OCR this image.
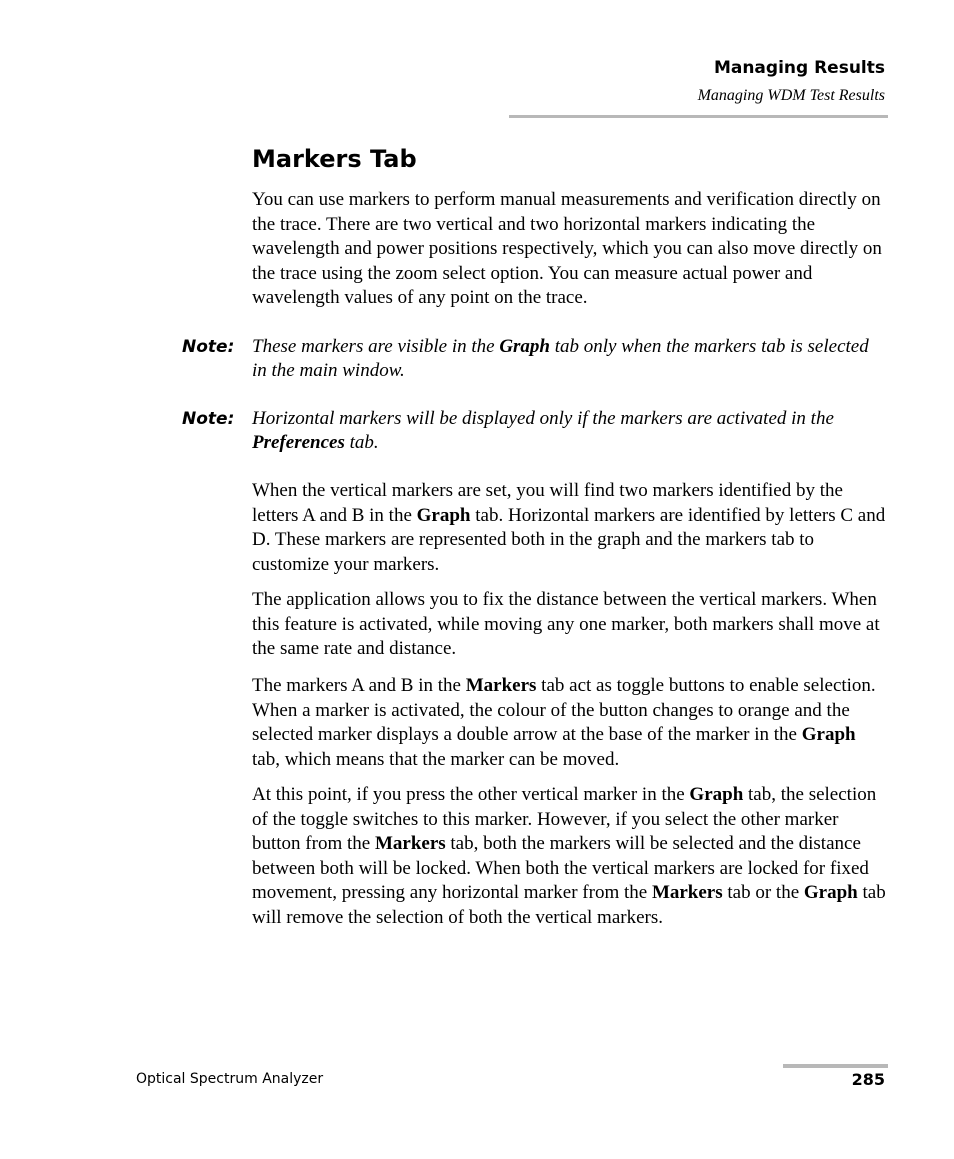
Managing Results
Managing WDM Test Results
Markers Tab

You can use markers to perform manual measurements and verification directly on the trace. There are two vertical and two horizontal markers indicating the wavelength and power positions respectively, which you can also move directly on the trace using the zoom select option. You can measure actual power and wavelength values of any point on the trace.

Note: These markers are visible in the Graph tab only when the markers tab is selected in the main window.

Note: Horizontal markers will be displayed only if the markers are activated in the Preferences tab.

When the vertical markers are set, you will find two markers identified by the letters A and B in the Graph tab. Horizontal markers are identified by letters C and D. These markers are represented both in the graph and the markers tab to customize your markers.

The application allows you to fix the distance between the vertical markers. When this feature is activated, while moving any one marker, both markers shall move at the same rate and distance.

The markers A and B in the Markers tab act as toggle buttons to enable selection. When a marker is activated, the colour of the button changes to orange and the selected marker displays a double arrow at the base of the marker in the Graph tab, which means that the marker can be moved.

At this point, if you press the other vertical marker in the Graph tab, the selection of the toggle switches to this marker. However, if you select the other marker button from the Markers tab, both the markers will be selected and the distance between both will be locked. When both the vertical markers are locked for fixed movement, pressing any horizontal marker from the Markers tab or the Graph tab will remove the selection of both the vertical markers.

Optical Spectrum Analyzer	285
